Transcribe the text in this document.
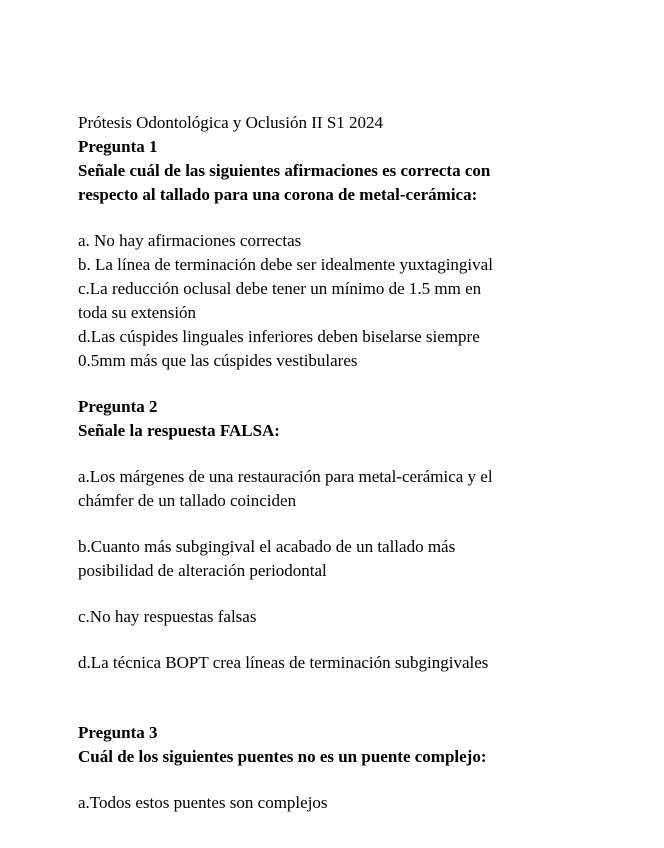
Prótesis Odontológica y Oclusión II S1 2024
Pregunta 1
Señale cuál de las siguientes afirmaciones es correcta con
respecto al tallado para una corona de metal-cerámica:
a. No hay afirmaciones correctas
b. La línea de terminación debe ser idealmente yuxtagingival
c.La reducción oclusal debe tener un mínimo de 1.5 mm en
toda su extensión
d.Las cúspides linguales inferiores deben biselarse siempre
0.5mm más que las cúspides vestibulares
Pregunta 2
Señale la respuesta FALSA:
a.Los márgenes de una restauración para metal-cerámica y el
chámfer de un tallado coinciden
b.Cuanto más subgingival el acabado de un tallado más
posibilidad de alteración periodontal
c.No hay respuestas falsas
d.La técnica BOPT crea líneas de terminación subgingivales
Pregunta 3
Cuál de los siguientes puentes no es un puente complejo:
a.Todos estos puentes son complejos
